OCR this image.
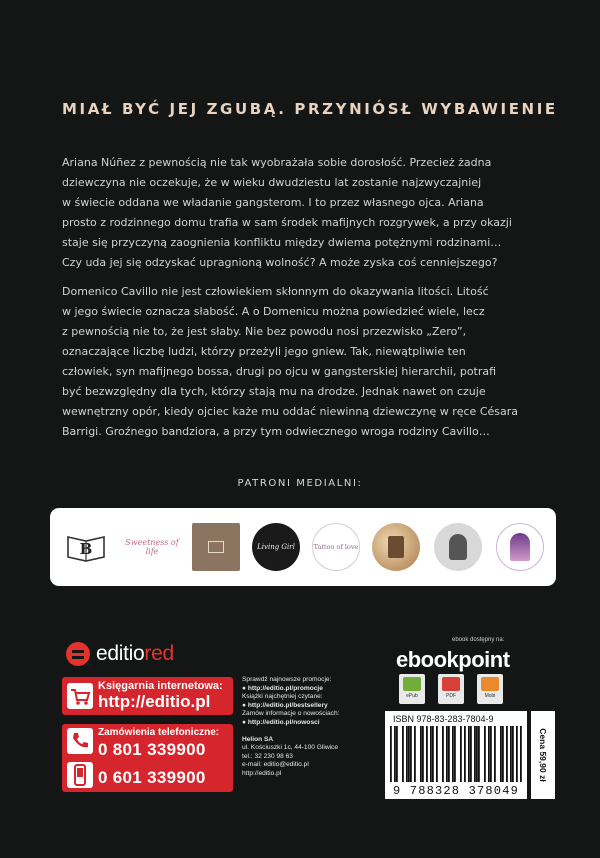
MIAŁ BYĆ JEJ ZGUBĄ. PRZYNIÓSŁ WYBAWIENIE

Ariana Núñez z pewnością nie tak wyobrażała sobie dorosłość. Przecież żadna
dziewczyna nie oczekuje, że w wieku dwudziestu lat zostanie najzwyczajniej
w świecie oddana we władanie gangsterom. I to przez własnego ojca. Ariana
prosto z rodzinnego domu trafia w sam środek mafijnych rozgrywek, a przy okazji
staje się przyczyną zaognienia konfliktu między dwiema potężnymi rodzinami…
Czy uda jej się odzyskać upragnioną wolność? A może zyska coś cenniejszego?

Domenico Cavillo nie jest człowiekiem skłonnym do okazywania litości. Litość
w jego świecie oznacza słabość. A o Domenicu można powiedzieć wiele, lecz
z pewnością nie to, że jest słaby. Nie bez powodu nosi przezwisko „Zero”,
oznaczające liczbę ludzi, którzy przeżyli jego gniew. Tak, niewątpliwie ten
człowiek, syn mafijnego bossa, drugi po ojcu w gangsterskiej hierarchii, potrafi
być bezwzględny dla tych, którzy stają mu na drodze. Jednak nawet on czuje
wewnętrzny opór, kiedy ojciec każe mu oddać niewinną dziewczynę w ręce Césara
Barrigi. Groźnego bandziora, a przy tym odwiecznego wroga rodziny Cavillo…

PATRONI MEDIALNI:
B	Sweetness of life	Living Girl	Tattoo of love
editiored
Księgarnia internetowa:
http://editio.pl
Zamówienia telefoniczne:
0 801 339900
0 601 339900
Sprawdź najnowsze promocje:
● http://editio.pl/promocje
Książki najchętniej czytane:
● http://editio.pl/bestsellery
Zamów informacje o nowościach:
● http://editio.pl/nowosci
Helion SA
ul. Kościuszki 1c, 44-100 Gliwice
tel.: 32 230 98 63
e-mail: editio@editio.pl
http://editio.pl
ebook dostępny na:
ebookpoint
ePub	PDF	Mobi
ISBN 978-83-283-7804-9
9 788328 378049
Cena 59,90 zł
